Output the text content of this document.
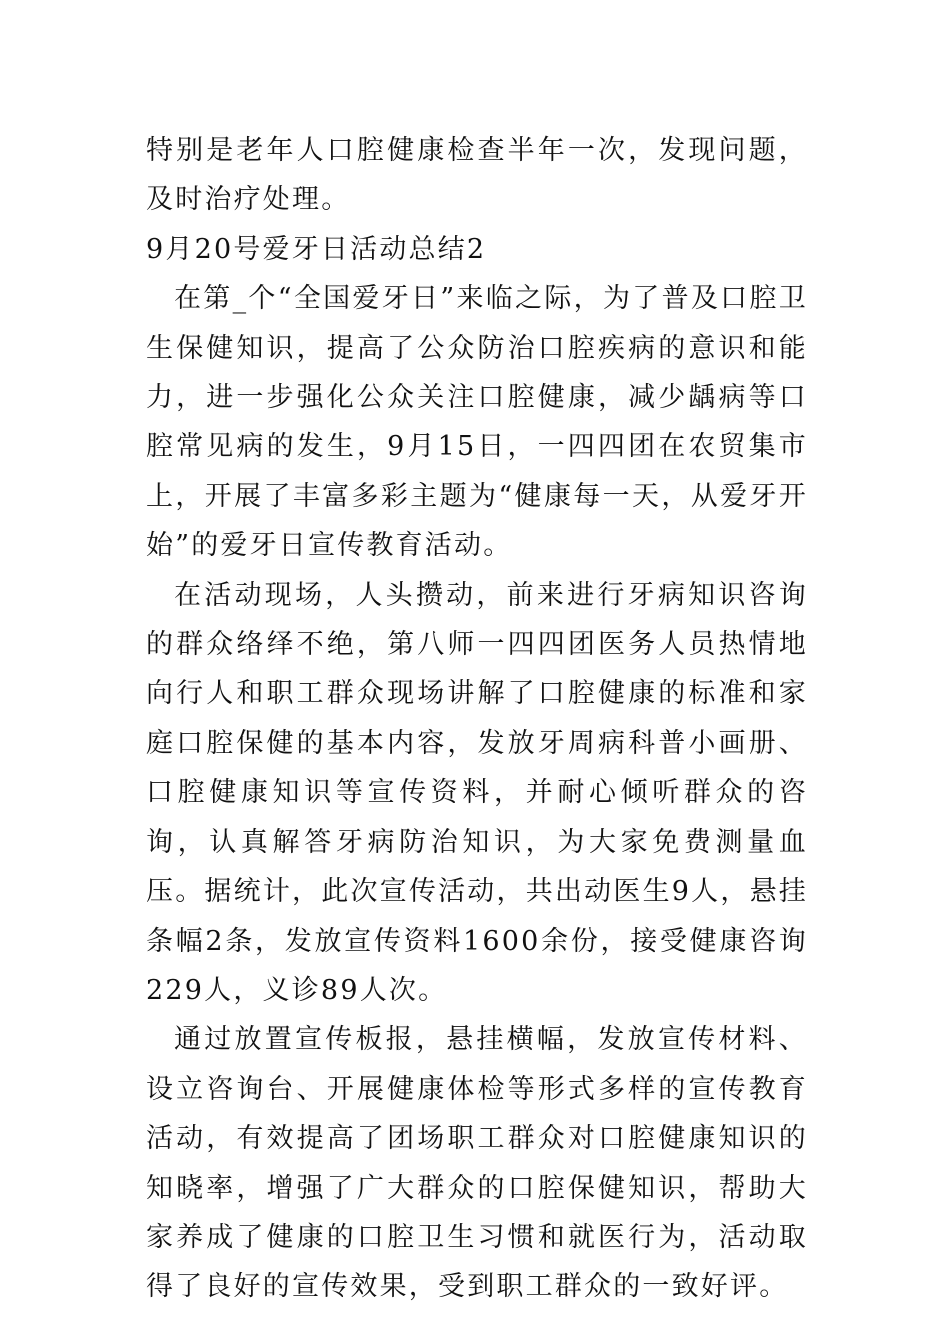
特别是老年人口腔健康检查半年一次，发现问题，及时治疗处理。

9月20号爱牙日活动总结2

在第_个“全国爱牙日”来临之际，为了普及口腔卫生保健知识，提高了公众防治口腔疾病的意识和能力，进一步强化公众关注口腔健康，减少龋病等口腔常见病的发生，9月15日，一四四团在农贸集市上，开展了丰富多彩主题为“健康每一天，从爱牙开始”的爱牙日宣传教育活动。

在活动现场，人头攒动，前来进行牙病知识咨询的群众络绎不绝，第八师一四四团医务人员热情地向行人和职工群众现场讲解了口腔健康的标准和家庭口腔保健的基本内容，发放牙周病科普小画册、口腔健康知识等宣传资料，并耐心倾听群众的咨询，认真解答牙病防治知识，为大家免费测量血压。据统计，此次宣传活动，共出动医生9人，悬挂条幅2条，发放宣传资料1600余份，接受健康咨询229人，义诊89人次。

通过放置宣传板报，悬挂横幅，发放宣传材料、设立咨询台、开展健康体检等形式多样的宣传教育活动，有效提高了团场职工群众对口腔健康知识的知晓率，增强了广大群众的口腔保健知识，帮助大家养成了健康的口腔卫生习惯和就医行为，活动取得了良好的宣传效果，受到职工群众的一致好评。
